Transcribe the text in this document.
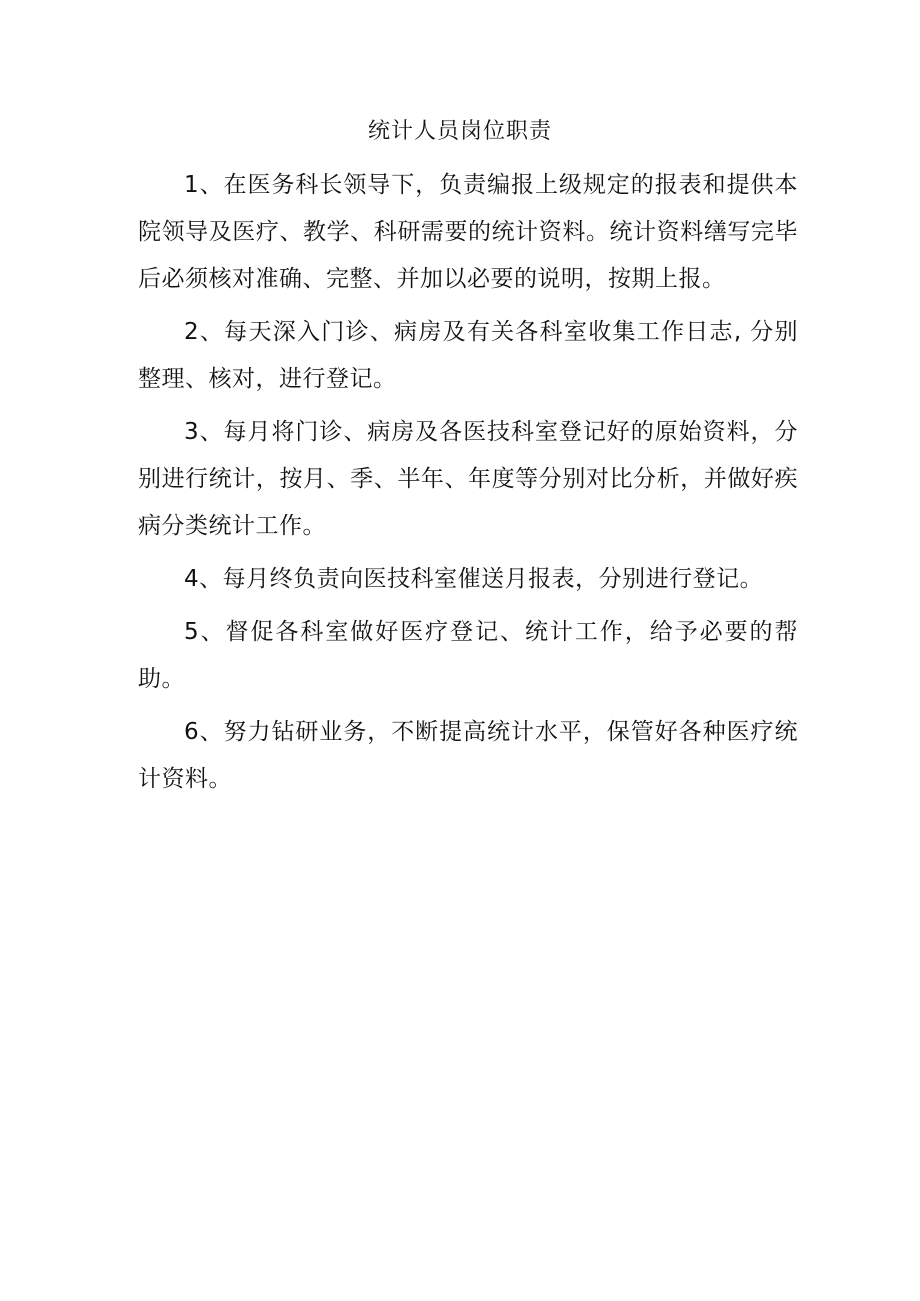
统计人员岗位职责

1、在医务科长领导下，负责编报上级规定的报表和提供本院领导及医疗、教学、科研需要的统计资料。统计资料缮写完毕后必须核对准确、完整、并加以必要的说明，按期上报。

2、每天深入门诊、病房及有关各科室收集工作日志, 分别整理、核对，进行登记。

3、每月将门诊、病房及各医技科室登记好的原始资料，分别进行统计，按月、季、半年、年度等分别对比分析，并做好疾病分类统计工作。

4、每月终负责向医技科室催送月报表，分别进行登记。

5、督促各科室做好医疗登记、统计工作，给予必要的帮助。

6、努力钻研业务，不断提高统计水平，保管好各种医疗统计资料。
